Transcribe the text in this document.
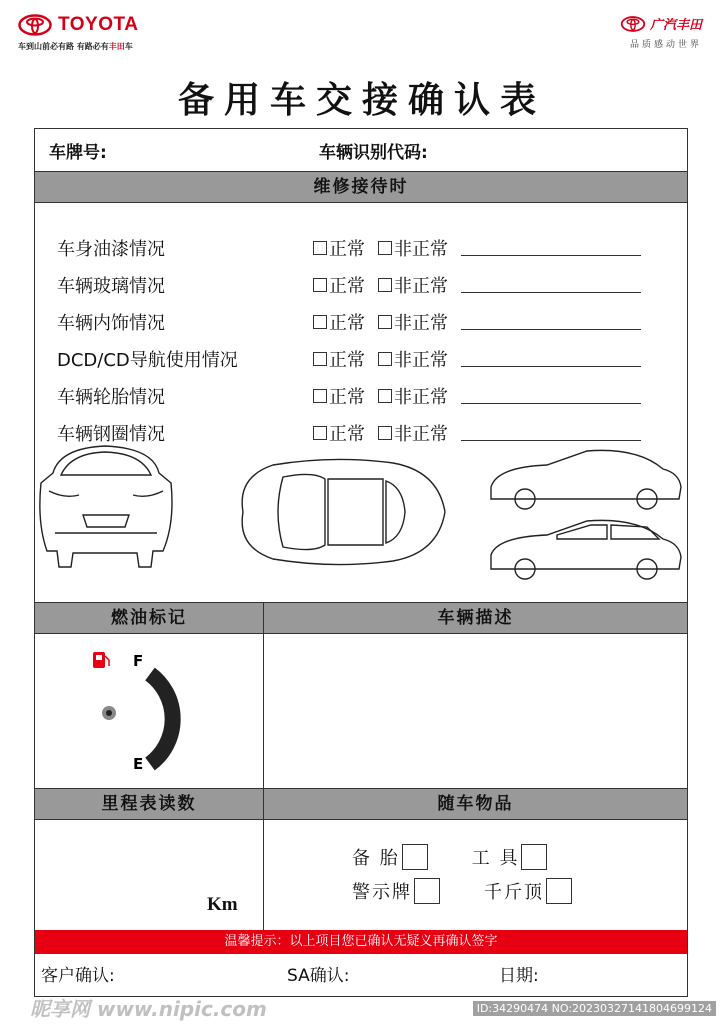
TOYOTA
车到山前必有路 有路必有丰田车
广汽丰田
品质感动世界
备用车交接确认表
车牌号:	车辆识别代码:
维修接待时
车身油漆情况	正常 非正常
车辆玻璃情况	正常 非正常
车辆内饰情况	正常 非正常
DCD/CD导航使用情况	正常 非正常
车辆轮胎情况	正常 非正常
车辆钢圈情况	正常 非正常
燃油标记	车辆描述
F
E
里程表读数	随车物品
Km
备 胎	工 具
警示牌	千斤顶
温馨提示：以上项目您已确认无疑义再确认签字
客户确认:	SA确认:	日期:
昵享网 www.nipic.com	ID:34290474 NO:20230327141804699124
